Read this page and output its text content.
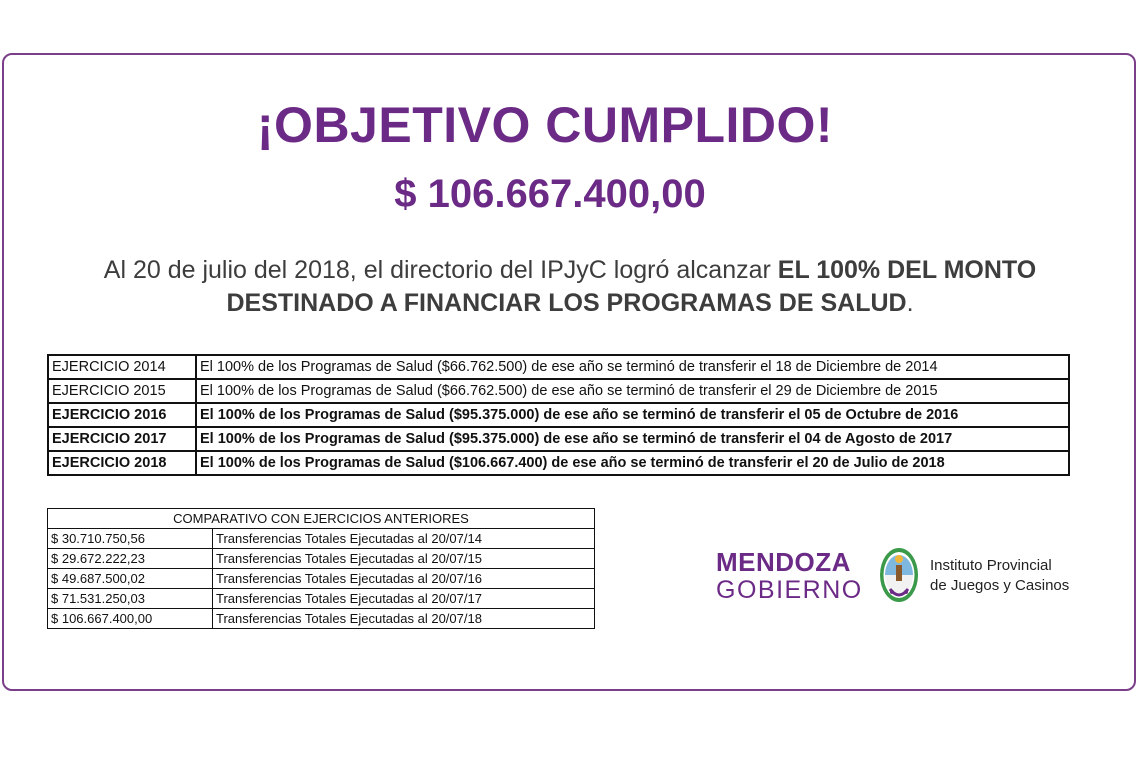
¡OBJETIVO CUMPLIDO!
$ 106.667.400,00
Al 20 de julio del 2018, el directorio del IPJyC logró alcanzar EL 100% DEL MONTO DESTINADO A FINANCIAR LOS PROGRAMAS DE SALUD.
EJERCICIO 2014	El 100% de los Programas de Salud ($66.762.500) de ese año se terminó de transferir el 18 de Diciembre de 2014
EJERCICIO 2015	El 100% de los Programas de Salud ($66.762.500) de ese año se terminó de transferir el 29 de Diciembre de 2015
EJERCICIO 2016	El 100% de los Programas de Salud ($95.375.000) de ese año se terminó de transferir el 05 de Octubre de 2016
EJERCICIO 2017	El 100% de los Programas de Salud ($95.375.000) de ese año se terminó de transferir el 04 de Agosto de 2017
EJERCICIO 2018	El 100% de los Programas de Salud ($106.667.400) de ese año se terminó de transferir el 20 de Julio de 2018
COMPARATIVO CON EJERCICIOS ANTERIORES	
$ 30.710.750,56	Transferencias Totales Ejecutadas al 20/07/14
$ 29.672.222,23	Transferencias Totales Ejecutadas al 20/07/15
$ 49.687.500,02	Transferencias Totales Ejecutadas al 20/07/16
$ 71.531.250,03	Transferencias Totales Ejecutadas al 20/07/17
$ 106.667.400,00	Transferencias Totales Ejecutadas al 20/07/18
MENDOZA
GOBIERNO
Instituto Provincial
de Juegos y Casinos
